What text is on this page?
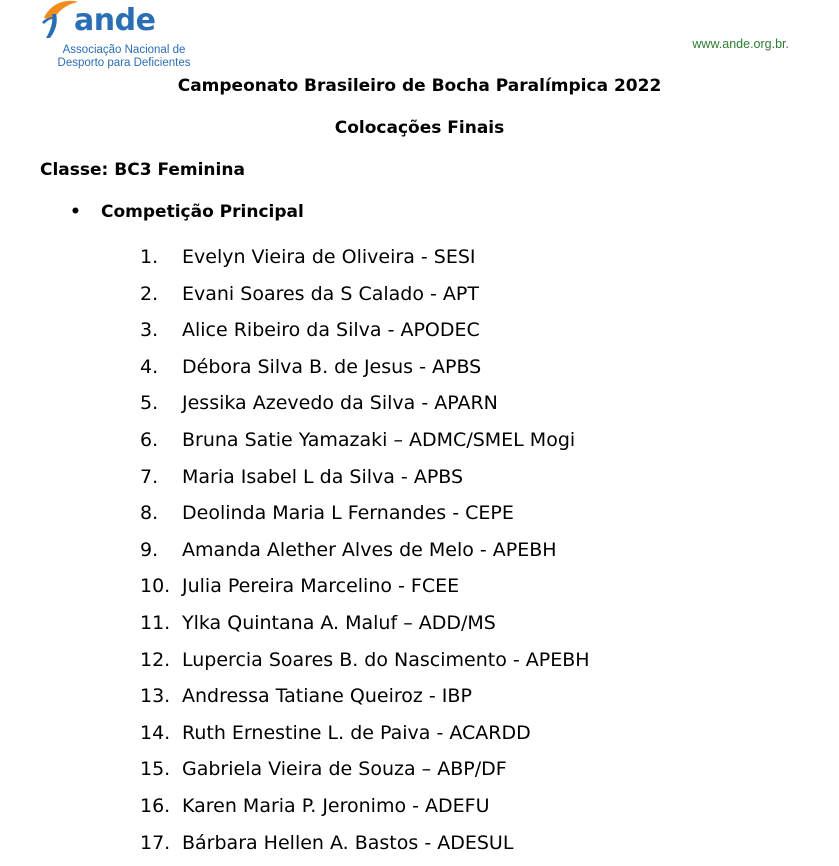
ande
Associação Nacional de
Desporto para Deficientes
www.ande.org.br.
Campeonato Brasileiro de Bocha Paralímpica 2022
Colocações Finais
Classe: BC3 Feminina
• Competição Principal
1. Evelyn Vieira de Oliveira - SESI
2. Evani Soares da S Calado - APT
3. Alice Ribeiro da Silva - APODEC
4. Débora Silva B. de Jesus - APBS
5. Jessika Azevedo da Silva - APARN
6. Bruna Satie Yamazaki – ADMC/SMEL Mogi
7. Maria Isabel L da Silva - APBS
8. Deolinda Maria L Fernandes - CEPE
9. Amanda Alether Alves de Melo - APEBH
10. Julia Pereira Marcelino - FCEE
11. Ylka Quintana A. Maluf – ADD/MS
12. Lupercia Soares B. do Nascimento - APEBH
13. Andressa Tatiane Queiroz - IBP
14. Ruth Ernestine L. de Paiva - ACARDD
15. Gabriela Vieira de Souza – ABP/DF
16. Karen Maria P. Jeronimo - ADEFU
17. Bárbara Hellen A. Bastos - ADESUL
